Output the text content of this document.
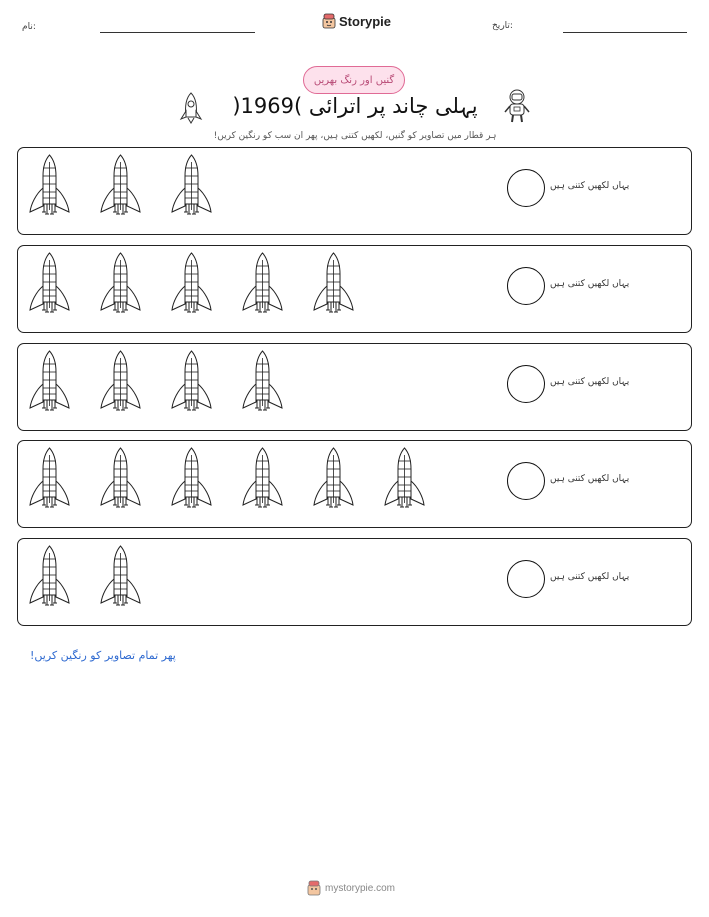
نام:	Storypie	تاریخ:
گنیں اور رنگ بھریں
پہلی چاند پر اترائی )1969(
ہر قطار میں تصاویر کو گنیں، لکھیں کتنی ہیں، پھر ان سب کو رنگین کریں!
یہاں لکھیں کتنی ہیں
یہاں لکھیں کتنی ہیں
یہاں لکھیں کتنی ہیں
یہاں لکھیں کتنی ہیں
یہاں لکھیں کتنی ہیں
پھر تمام تصاویر کو رنگین کریں!
mystorypie.com
